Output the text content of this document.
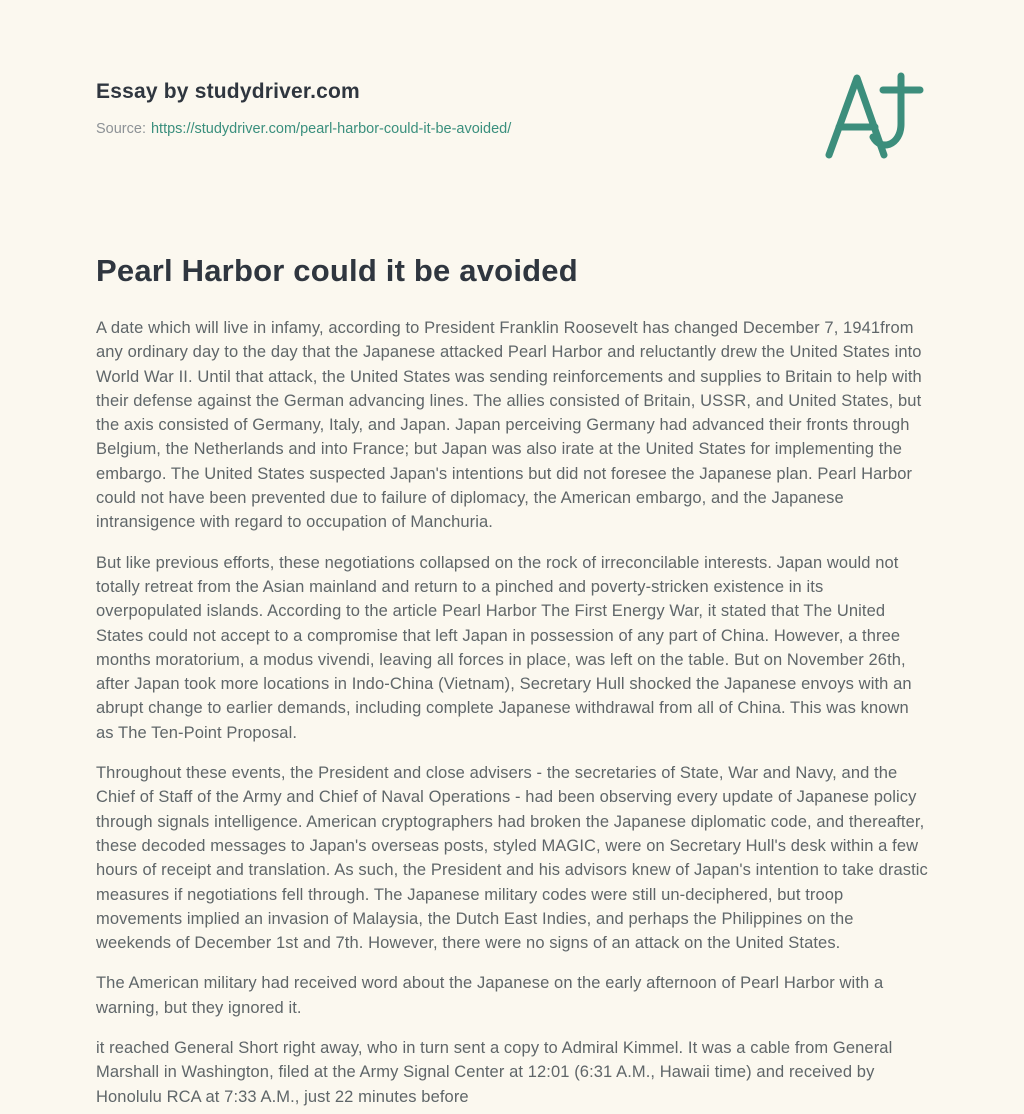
Essay by studydriver.com
Source: https://studydriver.com/pearl-harbor-could-it-be-avoided/
Pearl Harbor could it be avoided

A date which will live in infamy, according to President Franklin Roosevelt has changed December 7, 1941from any ordinary day to the day that the Japanese attacked Pearl Harbor and reluctantly drew the United States into World War II. Until that attack, the United States was sending reinforcements and supplies to Britain to help with their defense against the German advancing lines. The allies consisted of Britain, USSR, and United States, but the axis consisted of Germany, Italy, and Japan. Japan perceiving Germany had advanced their fronts through Belgium, the Netherlands and into France; but Japan was also irate at the United States for implementing the embargo. The United States suspected Japan's intentions but did not foresee the Japanese plan. Pearl Harbor could not have been prevented due to failure of diplomacy, the American embargo, and the Japanese intransigence with regard to occupation of Manchuria.

But like previous efforts, these negotiations collapsed on the rock of irreconcilable interests. Japan would not totally retreat from the Asian mainland and return to a pinched and poverty-stricken existence in its overpopulated islands. According to the article Pearl Harbor The First Energy War, it stated that The United States could not accept to a compromise that left Japan in possession of any part of China. However, a three months moratorium, a modus vivendi, leaving all forces in place, was left on the table. But on November 26th, after Japan took more locations in Indo-China (Vietnam), Secretary Hull shocked the Japanese envoys with an abrupt change to earlier demands, including complete Japanese withdrawal from all of China. This was known as The Ten-Point Proposal.

Throughout these events, the President and close advisers - the secretaries of State, War and Navy, and the Chief of Staff of the Army and Chief of Naval Operations - had been observing every update of Japanese policy through signals intelligence. American cryptographers had broken the Japanese diplomatic code, and thereafter, these decoded messages to Japan's overseas posts, styled MAGIC, were on Secretary Hull's desk within a few hours of receipt and translation. As such, the President and his advisors knew of Japan's intention to take drastic measures if negotiations fell through. The Japanese military codes were still un-deciphered, but troop movements implied an invasion of Malaysia, the Dutch East Indies, and perhaps the Philippines on the weekends of December 1st and 7th. However, there were no signs of an attack on the United States.

The American military had received word about the Japanese on the early afternoon of Pearl Harbor with a warning, but they ignored it.

it reached General Short right away, who in turn sent a copy to Admiral Kimmel. It was a cable from General Marshall in Washington, filed at the Army Signal Center at 12:01 (6:31 A.M., Hawaii time) and received by Honolulu RCA at 7:33 A.M., just 22 minutes before
